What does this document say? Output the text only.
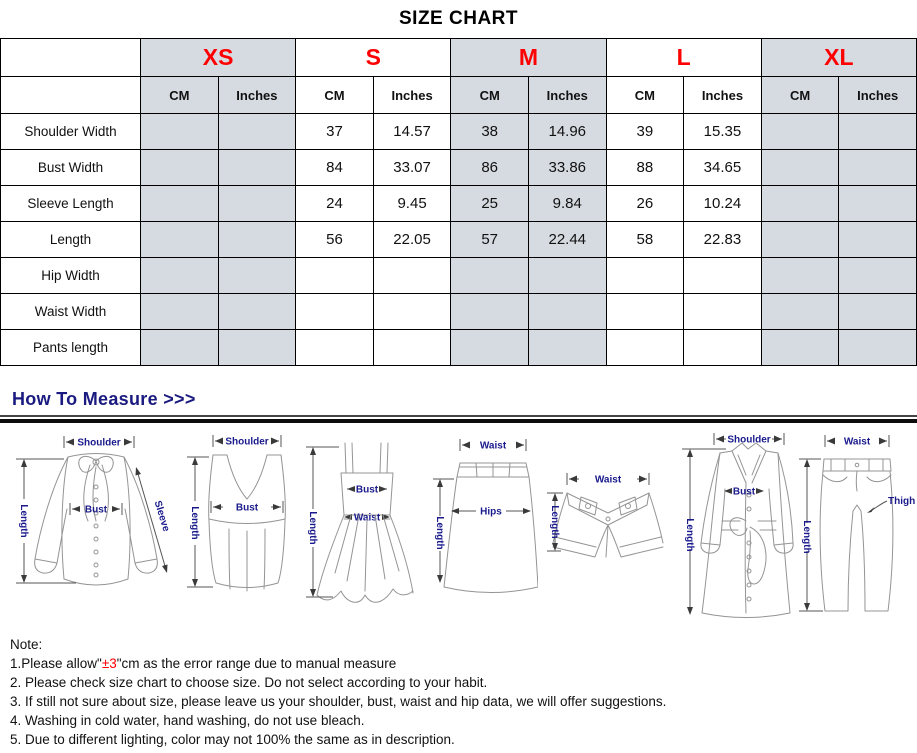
SIZE CHART
	XS		S		M		L		XL	
	CM	Inches	CM	Inches	CM	Inches	CM	Inches	CM	Inches
Shoulder Width			37	14.57	38	14.96	39	15.35		
Bust Width			84	33.07	86	33.86	88	34.65		
Sleeve Length			24	9.45	25	9.84	26	10.24		
Length			56	22.05	57	22.44	58	22.83		
Hip Width										
Waist Width										
Pants length										
How To Measure >>>
Shoulder
Bust
Length	Sleeve
Shoulder
Bust
Length
Bust
Waist
Length
Waist
Hips
Length
Waist
Length
Shoulder
Bust
Length
Waist
Thigh
Length
Note:
1.Please allow"±3"cm as the error range due to manual measure
2. Please check size chart to choose size. Do not select according to your habit.
3. If still not sure about size, please leave us your shoulder, bust, waist and hip data, we will offer suggestions.
4. Washing in cold water, hand washing, do not use bleach.
5. Due to different lighting, color may not 100% the same as in description.
